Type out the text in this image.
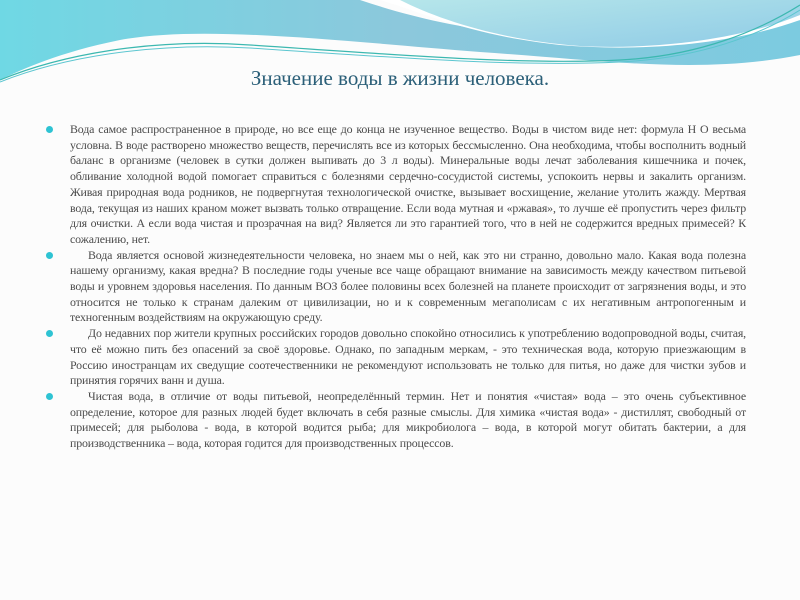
Значение воды в жизни человека.

Вода самое распространенное в природе, но все еще до конца не изученное вещество. Воды в чистом виде нет: формула Н О весьма условна. В воде растворено множество веществ, перечислять все из которых бессмысленно. Она необходима, чтобы восполнить водный баланс в организме (человек в сутки должен выпивать до 3 л воды). Минеральные воды лечат заболевания кишечника и почек, обливание холодной водой помогает справиться с болезнями сердечно-сосудистой системы, успокоить нервы и закалить организм. Живая природная вода родников, не подвергнутая технологической очистке, вызывает восхищение, желание утолить жажду. Мертвая вода, текущая из наших краном может вызвать только отвращение. Если вода мутная и «ржавая», то лучше её пропустить через фильтр для очистки. А если вода чистая и прозрачная на вид? Является ли это гарантией того, что в ней не содержится вредных примесей? К сожалению, нет.

Вода является основой жизнедеятельности человека, но знаем мы о ней, как это ни странно, довольно мало. Какая вода полезна нашему организму, какая вредна? В последние годы ученые все чаще обращают внимание на зависимость между качеством питьевой воды и уровнем здоровья населения. По данным ВОЗ более половины всех болезней на планете происходит от загрязнения воды, и это относится не только к странам далеким от цивилизации, но и к современным мегаполисам с их негативным антропогенным и техногенным воздействиям на окружающую среду.

До недавних пор жители крупных российских городов довольно спокойно относились к употреблению водопроводной воды, считая, что её можно пить без опасений за своё здоровье. Однако, по западным меркам, - это техническая вода, которую приезжающим в Россию иностранцам их сведущие соотечественники не рекомендуют использовать не только для питья, но даже для чистки зубов и принятия горячих ванн и душа.

Чистая вода, в отличие от воды питьевой, неопределённый термин. Нет и понятия «чистая» вода – это очень субъективное определение, которое для разных людей будет включать в себя разные смыслы. Для химика «чистая вода» - дистиллят, свободный от примесей; для рыболова - вода, в которой водится рыба; для микробиолога – вода, в которой могут обитать бактерии, а для производственника – вода, которая годится для производственных процессов.
